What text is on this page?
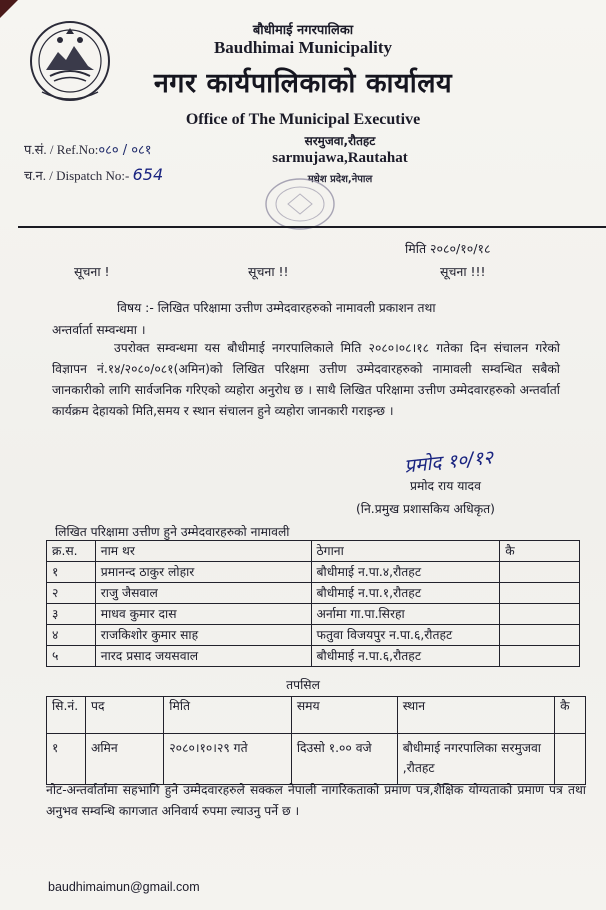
बौधीमाई नगरपालिका
Baudhimai Municipality
नगर कार्यपालिकाको कार्यालय
Office of The Municipal Executive
सरमुजवा,रौतहट
sarmujawa,Rautahat
मधेश प्रदेश,नेपाल
प.सं. / Ref.No:०८० / ०८१
च.न. / Dispatch No:- 654
मिति २०८०/१०/१८
सूचना !	सूचना !!	सूचना !!!
विषय :- लिखित परिक्षामा उत्तीण उम्मेदवारहरुको नामावली प्रकाशन तथा
अन्तर्वार्ता सम्वन्धमा ।
उपरोक्त सम्वन्धमा यस बौधीमाई नगरपालिकाले मिति २०८०।०८।१८ गतेका दिन संचालन गरेको विज्ञापन नं.१४/२०८०/०८१(अमिन)को लिखित परिक्षमा उत्तीण उम्मेदवारहरुको नामावली सम्वन्धित सबैको जानकारीको लागि सार्वजनिक गरिएको व्यहोरा अनुरोध छ । साथै लिखित परिक्षामा उत्तीण उम्मेदवारहरुको अन्तर्वार्ता कार्यक्रम देहायको मिति,समय र स्थान संचालन हुने व्यहोरा जानकारी गराइन्छ ।
प्रमोद १०/१२
प्रमोद राय यादव
(नि.प्रमुख प्रशासकिय अधिकृत)
लिखित परिक्षामा उत्तीण हुने उम्मेदवारहरुको नामावली
क्र.स.	नाम थर	ठेगाना	कै
१	प्रमानन्द ठाकुर लोहार	बौधीमाई न.पा.४,रौतहट	
२	राजु जैसवाल	बौधीमाई न.पा.१,रौतहट	
३	माधव कुमार दास	अर्नामा गा.पा.सिरहा	
४	राजकिशोर कुमार साह	फतुवा विजयपुर न.पा.६,रौतहट	
५	नारद प्रसाद जयसवाल	बौधीमाई न.पा.६,रौतहट	
तपसिल
सि.नं.	पद	मिति	समय	स्थान	कै
१	अमिन	२०८०।१०।२९ गते	दिउसो १.०० वजे	बौधीमाई नगरपालिका सरमुजवा ,रौतहट	
नोट-अन्तर्वार्तामा सहभागि हुने उम्मेदवारहरुले सक्कल नेपाली नागरिकताको प्रमाण पत्र,शैक्षिक योग्यताको प्रमाण पत्र तथा अनुभव सम्वन्धि कागजात अनिवार्य रुपमा ल्याउनु पर्ने छ ।
baudhimaimun@gmail.com
